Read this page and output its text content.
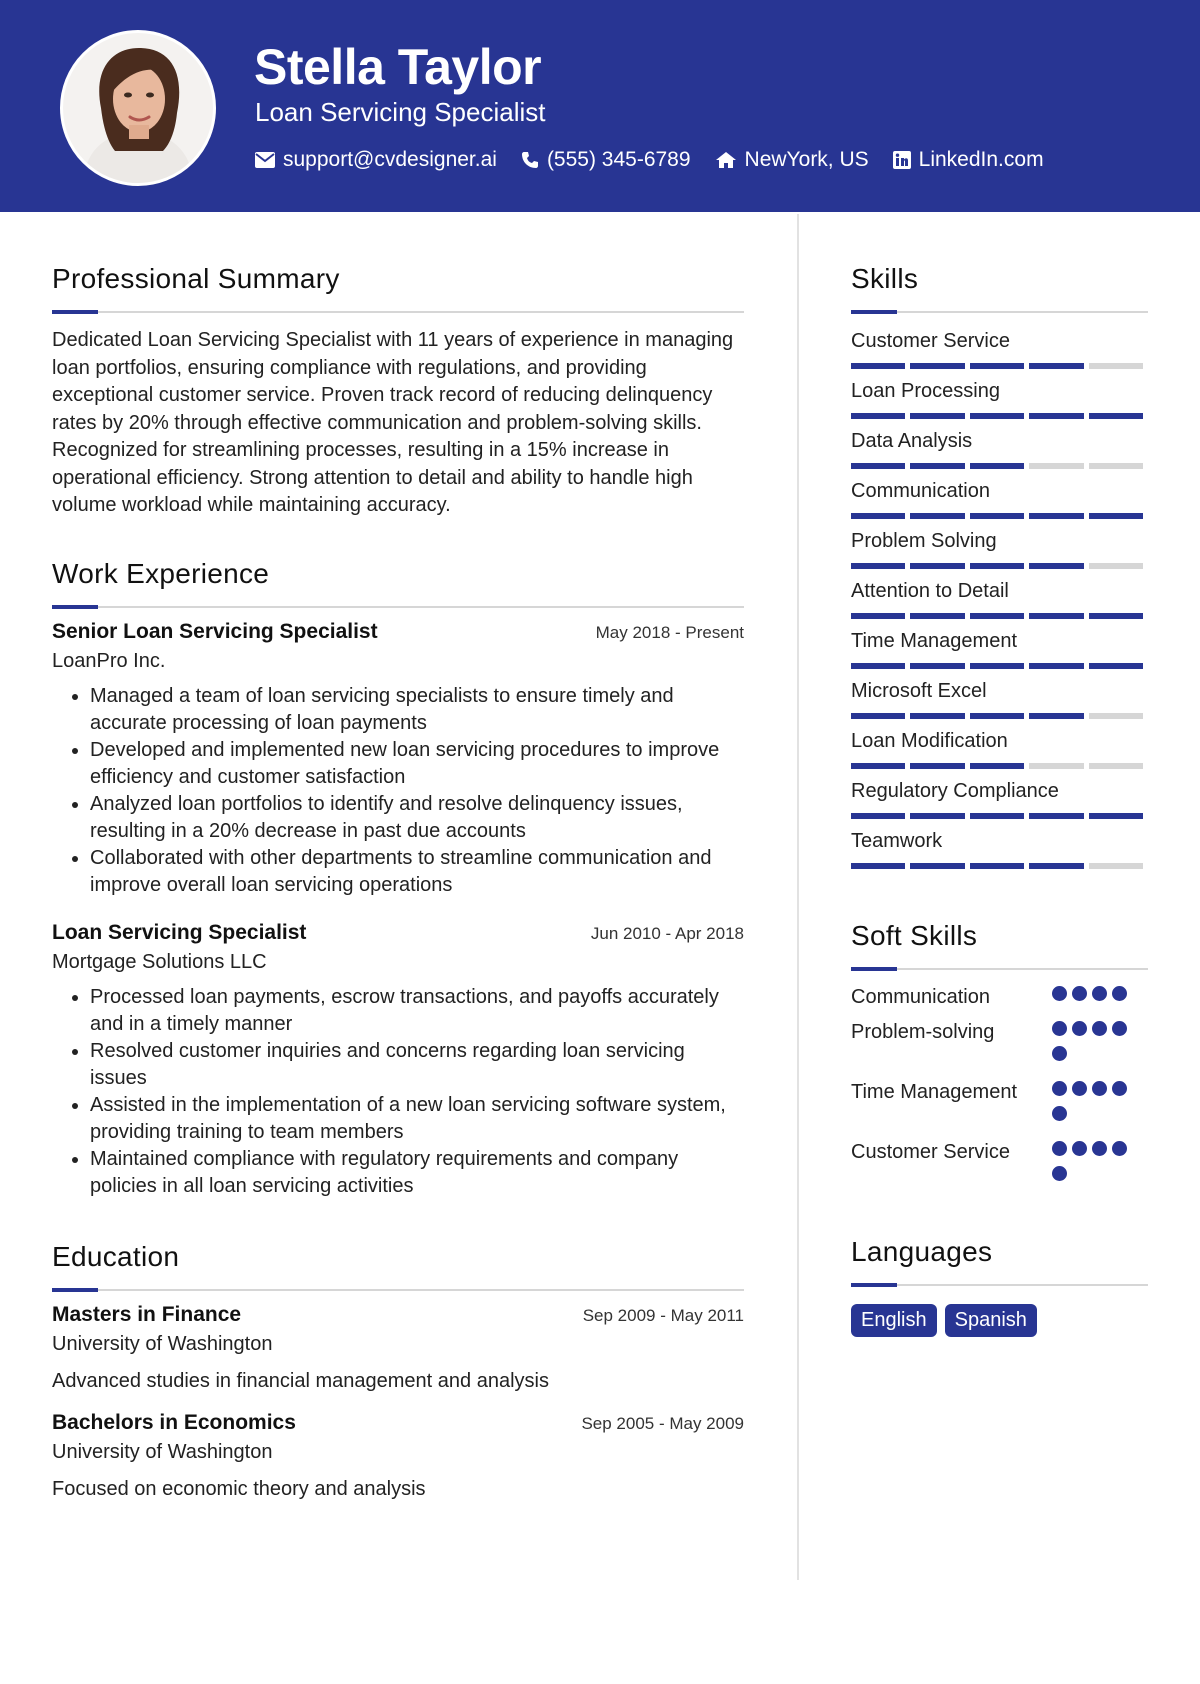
Stella Taylor
Loan Servicing Specialist
support@cvdesigner.ai (555) 345-6789	NewYork, US LinkedIn.com
Professional Summary
Dedicated Loan Servicing Specialist with 11 years of experience in managing loan portfolios, ensuring compliance with regulations, and providing exceptional customer service. Proven track record of reducing delinquency rates by 20% through effective communication and problem-solving skills. Recognized for streamlining processes, resulting in a 15% increase in operational efficiency. Strong attention to detail and ability to handle high volume workload while maintaining accuracy.
Work Experience
Senior Loan Servicing Specialist	May 2018 - Present
LoanPro Inc.
• Managed a team of loan servicing specialists to ensure timely and accurate processing of loan payments
• Developed and implemented new loan servicing procedures to improve efficiency and customer satisfaction
• Analyzed loan portfolios to identify and resolve delinquency issues, resulting in a 20% decrease in past due accounts
• Collaborated with other departments to streamline communication and improve overall loan servicing operations
Loan Servicing Specialist	Jun 2010 - Apr 2018
Mortgage Solutions LLC
• Processed loan payments, escrow transactions, and payoffs accurately and in a timely manner
• Resolved customer inquiries and concerns regarding loan servicing issues
• Assisted in the implementation of a new loan servicing software system, providing training to team members
• Maintained compliance with regulatory requirements and company policies in all loan servicing activities
Education
Masters in Finance	Sep 2009 - May 2011
University of Washington
Advanced studies in financial management and analysis
Bachelors in Economics	Sep 2005 - May 2009
University of Washington
Focused on economic theory and analysis
Skills
Customer Service
Loan Processing
Data Analysis
Communication
Problem Solving
Attention to Detail
Time Management
Microsoft Excel
Loan Modification
Regulatory Compliance
Teamwork
Soft Skills
Communication
Problem-solving
Time Management
Customer Service
Languages
English	Spanish
